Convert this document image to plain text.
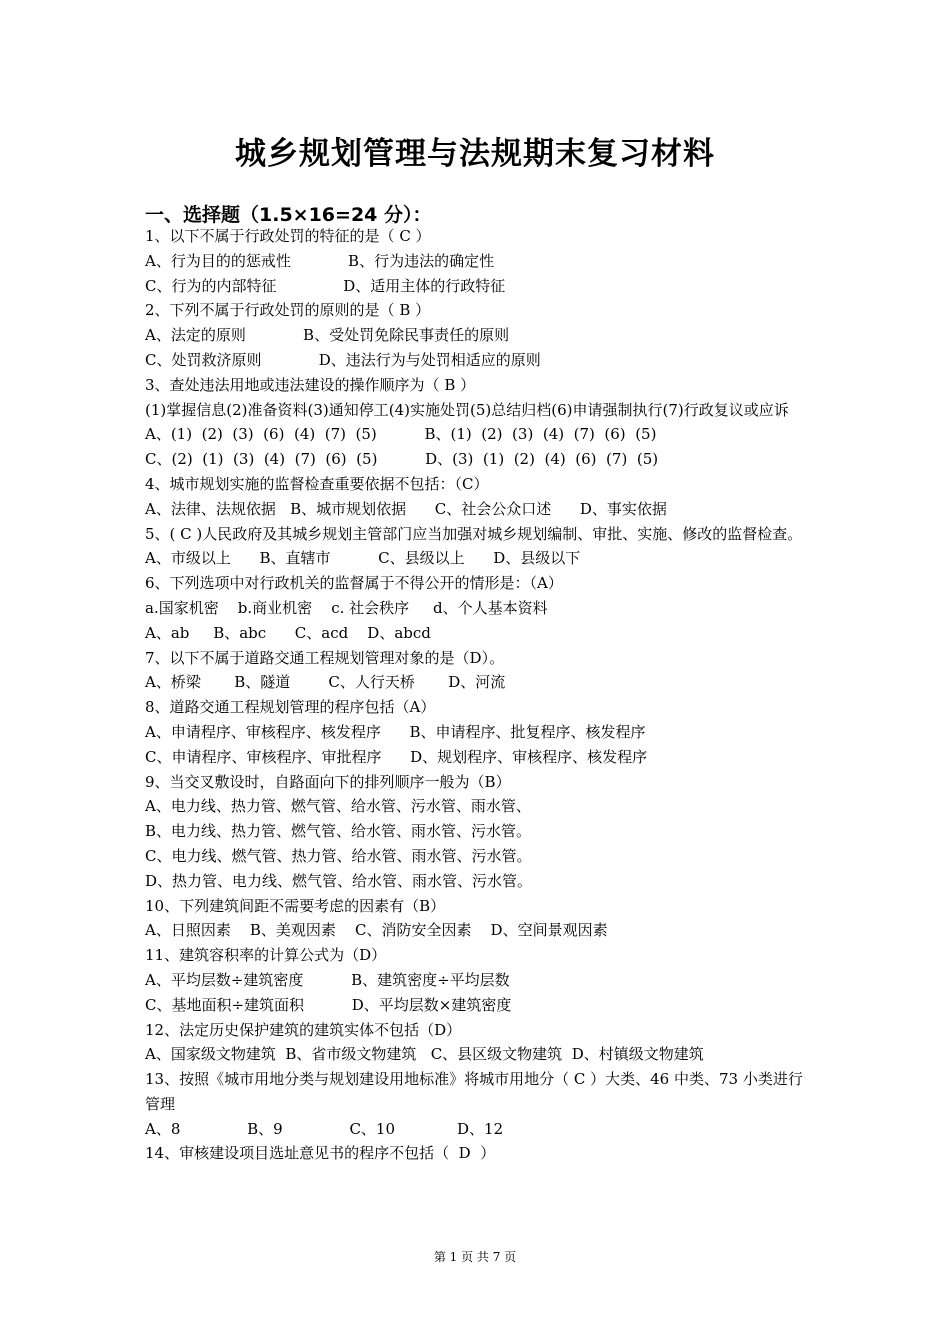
城乡规划管理与法规期末复习材料
一、选择题（1.5×16=24 分）：
1、以下不属于行政处罚的特征的是（ C ）
A、行为目的的惩戒性            B、行为违法的确定性
C、行为的内部特征              D、适用主体的行政特征
2、下列不属于行政处罚的原则的是（ B ）
A、法定的原则            B、受处罚免除民事责任的原则
C、处罚救济原则            D、违法行为与处罚相适应的原则
3、查处违法用地或违法建设的操作顺序为（ B ）
(1)掌握信息(2)准备资料(3)通知停工(4)实施处罚(5)总结归档(6)申请强制执行(7)行政复议或应诉
A、(1)  (2)  (3)  (6)  (4)  (7)  (5)          B、(1)  (2)  (3)  (4)  (7)  (6)  (5)
C、(2)  (1)  (3)  (4)  (7)  (6)  (5)          D、(3)  (1)  (2)  (4)  (6)  (7)  (5)
4、城市规划实施的监督检查重要依据不包括：（C）
A、法律、法规依据   B、城市规划依据      C、社会公众口述      D、事实依据
5、( C )人民政府及其城乡规划主管部门应当加强对城乡规划编制、审批、实施、修改的监督检查。
A、市级以上      B、直辖市          C、县级以上      D、县级以下
6、下列选项中对行政机关的监督属于不得公开的情形是：（A）
a.国家机密    b.商业机密    c. 社会秩序     d、个人基本资料
A、ab     B、abc      C、acd    D、abcd
7、以下不属于道路交通工程规划管理对象的是（D）。
A、桥梁       B、隧道        C、人行天桥       D、河流
8、道路交通工程规划管理的程序包括（A）
A、申请程序、审核程序、核发程序      B、申请程序、批复程序、核发程序
C、申请程序、审核程序、审批程序      D、规划程序、审核程序、核发程序
9、当交叉敷设时，自路面向下的排列顺序一般为（B）
A、电力线、热力管、燃气管、给水管、污水管、雨水管、
B、电力线、热力管、燃气管、给水管、雨水管、污水管。
C、电力线、燃气管、热力管、给水管、雨水管、污水管。
D、热力管、电力线、燃气管、给水管、雨水管、污水管。
10、下列建筑间距不需要考虑的因素有（B）
A、日照因素    B、美观因素    C、消防安全因素    D、空间景观因素
11、建筑容积率的计算公式为（D）
A、平均层数÷建筑密度          B、建筑密度÷平均层数
C、基地面积÷建筑面积          D、平均层数×建筑密度
12、法定历史保护建筑的建筑实体不包括（D）
A、国家级文物建筑  B、省市级文物建筑   C、县区级文物建筑  D、村镇级文物建筑
13、按照《城市用地分类与规划建设用地标准》将城市用地分（ C ）大类、46 中类、73 小类进行管理
A、8              B、9              C、10             D、12
14、审核建设项目选址意见书的程序不包括（  D  ）
第 1 页 共 7 页
